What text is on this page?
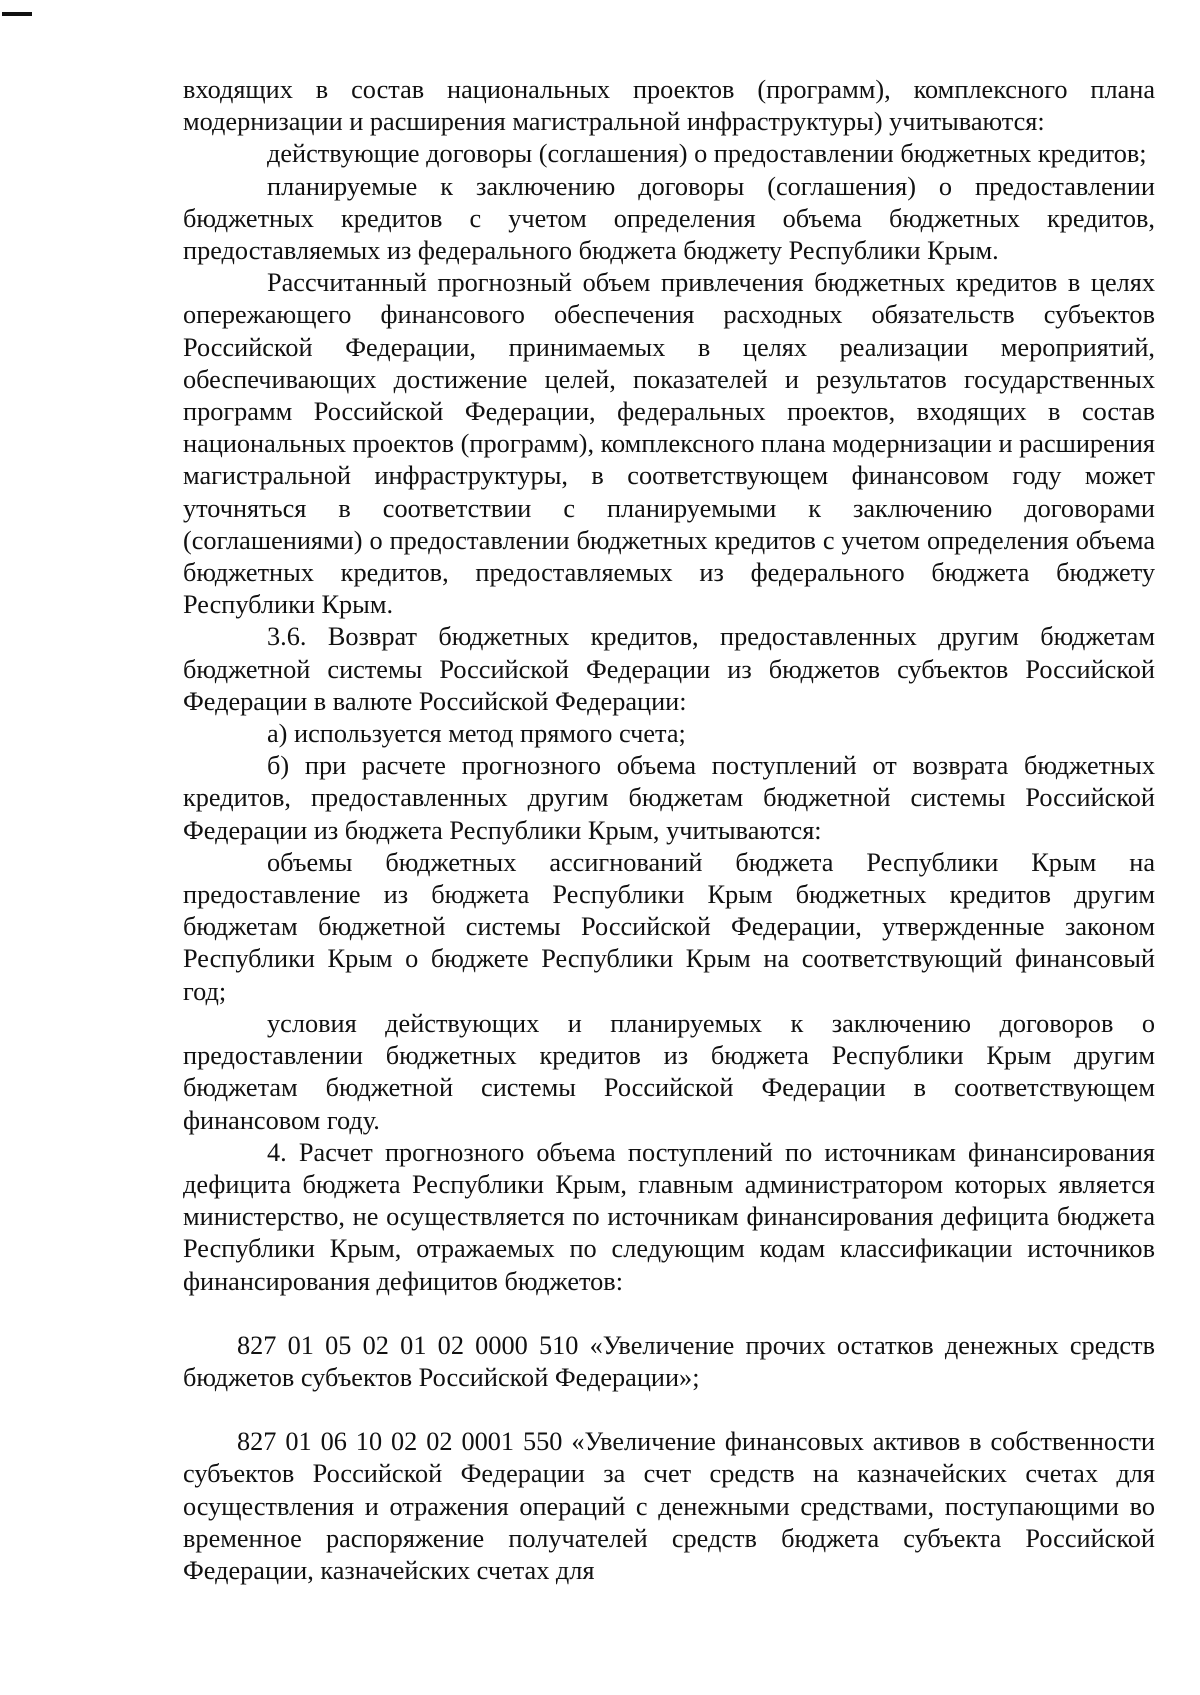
входящих в состав национальных проектов (программ), комплексного плана модернизации и расширения магистральной инфраструктуры) учитываются:

действующие договоры (соглашения) о предоставлении бюджетных кредитов;

планируемые к заключению договоры (соглашения) о предоставлении бюджетных кредитов с учетом определения объема бюджетных кредитов, предоставляемых из федерального бюджета бюджету Республики Крым.

Рассчитанный прогнозный объем привлечения бюджетных кредитов в целях опережающего финансового обеспечения расходных обязательств субъектов Российской Федерации, принимаемых в целях реализации мероприятий, обеспечивающих достижение целей, показателей и результатов государственных программ Российской Федерации, федеральных проектов, входящих в состав национальных проектов (программ), комплексного плана модернизации и расширения магистральной инфраструктуры, в соответствующем финансовом году может уточняться в соответствии с планируемыми к заключению договорами (соглашениями) о предоставлении бюджетных кредитов с учетом определения объема бюджетных кредитов, предоставляемых из федерального бюджета бюджету Республики Крым.

3.6. Возврат бюджетных кредитов, предоставленных другим бюджетам бюджетной системы Российской Федерации из бюджетов субъектов Российской Федерации в валюте Российской Федерации:

а) используется метод прямого счета;

б) при расчете прогнозного объема поступлений от возврата бюджетных кредитов, предоставленных другим бюджетам бюджетной системы Российской Федерации из бюджета Республики Крым, учитываются:

объемы бюджетных ассигнований бюджета Республики Крым на предоставление из бюджета Республики Крым бюджетных кредитов другим бюджетам бюджетной системы Российской Федерации, утвержденные законом Республики Крым о бюджете Республики Крым на соответствующий финансовый год;

условия действующих и планируемых к заключению договоров о предоставлении бюджетных кредитов из бюджета Республики Крым другим бюджетам бюджетной системы Российской Федерации в соответствующем финансовом году.

4. Расчет прогнозного объема поступлений по источникам финансирования дефицита бюджета Республики Крым, главным администратором которых является министерство, не осуществляется по источникам финансирования дефицита бюджета Республики Крым, отражаемых по следующим кодам классификации источников финансирования дефицитов бюджетов:

827 01 05 02 01 02 0000 510 «Увеличение прочих остатков денежных средств бюджетов субъектов Российской Федерации»;

827 01 06 10 02 02 0001 550 «Увеличение финансовых активов в собственности субъектов Российской Федерации за счет средств на казначейских счетах для осуществления и отражения операций с денежными средствами, поступающими во временное распоряжение получателей средств бюджета субъекта Российской Федерации, казначейских счетах для
